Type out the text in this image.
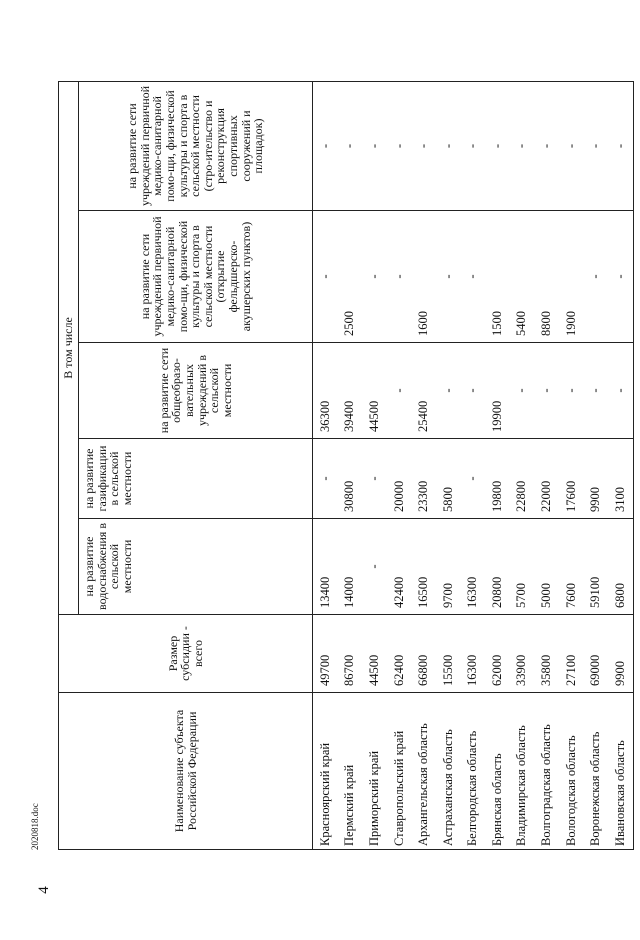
4
2020818.doc	Наименование субъекта Российской Федерации	Размер субсидии - всего	В том числе				
		на развитие водоснабжения в сельской местности	на развитие газификации в сельской местности	на развитие сети общеобразо-вательных учреждений в сельской местности	на развитие сети учреждений первичной медико-санитарной помо-щи, физической культуры и спорта в сельской местности (открытие фельдшерско-акушерских пунктов)	на развитие сети учреждений первичной медико-санитарной помо-щи, физической культуры и спорта в сельской местности (стро-ительство и реконструкция спортивных сооружений и площадок)
Красноярский край	49700	13400	-	36300	-	-
Пермский край	86700	14000	30800	39400	2500	-
Приморский край	44500	-	-	44500	-	-
Ставропольский край	62400	42400	20000	-	-	-
Архангельская область	66800	16500	23300	25400	1600	-
Астраханская область	15500	9700	5800	-	-	-
Белгородская область	16300	16300	-	-	-	-
Брянская область	62000	20800	19800	19900	1500	-
Владимирская область	33900	5700	22800	-	5400	-
Волгоградская область	35800	5000	22000	-	8800	-
Вологодская область	27100	7600	17600	-	1900	-
Воронежская область	69000	59100	9900	-	-	-
Ивановская область	9900	6800	3100	-	-	-
